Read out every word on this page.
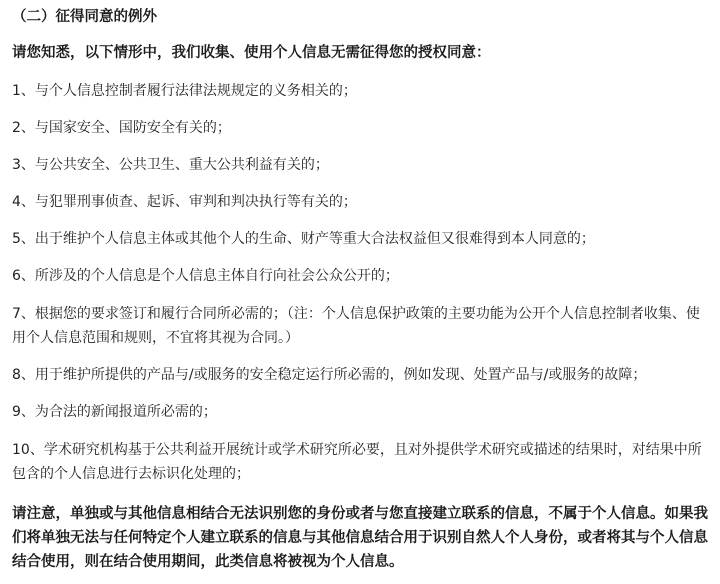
（二）征得同意的例外
请您知悉，以下情形中，我们收集、使用个人信息无需征得您的授权同意：
1、与个人信息控制者履行法律法规规定的义务相关的；
2、与国家安全、国防安全有关的；
3、与公共安全、公共卫生、重大公共利益有关的；
4、与犯罪刑事侦查、起诉、审判和判决执行等有关的；
5、出于维护个人信息主体或其他个人的生命、财产等重大合法权益但又很难得到本人同意的；
6、所涉及的个人信息是个人信息主体自行向社会公众公开的；
7、根据您的要求签订和履行合同所必需的；（注：个人信息保护政策的主要功能为公开个人信息控制者收集、使用个人信息范围和规则，不宜将其视为合同。）
8、用于维护所提供的产品与/或服务的安全稳定运行所必需的，例如发现、处置产品与/或服务的故障；
9、为合法的新闻报道所必需的；
10、学术研究机构基于公共利益开展统计或学术研究所必要，且对外提供学术研究或描述的结果时，对结果中所包含的个人信息进行去标识化处理的；
请注意，单独或与其他信息相结合无法识别您的身份或者与您直接建立联系的信息，不属于个人信息。如果我们将单独无法与任何特定个人建立联系的信息与其他信息结合用于识别自然人个人身份，或者将其与个人信息结合使用，则在结合使用期间，此类信息将被视为个人信息。
